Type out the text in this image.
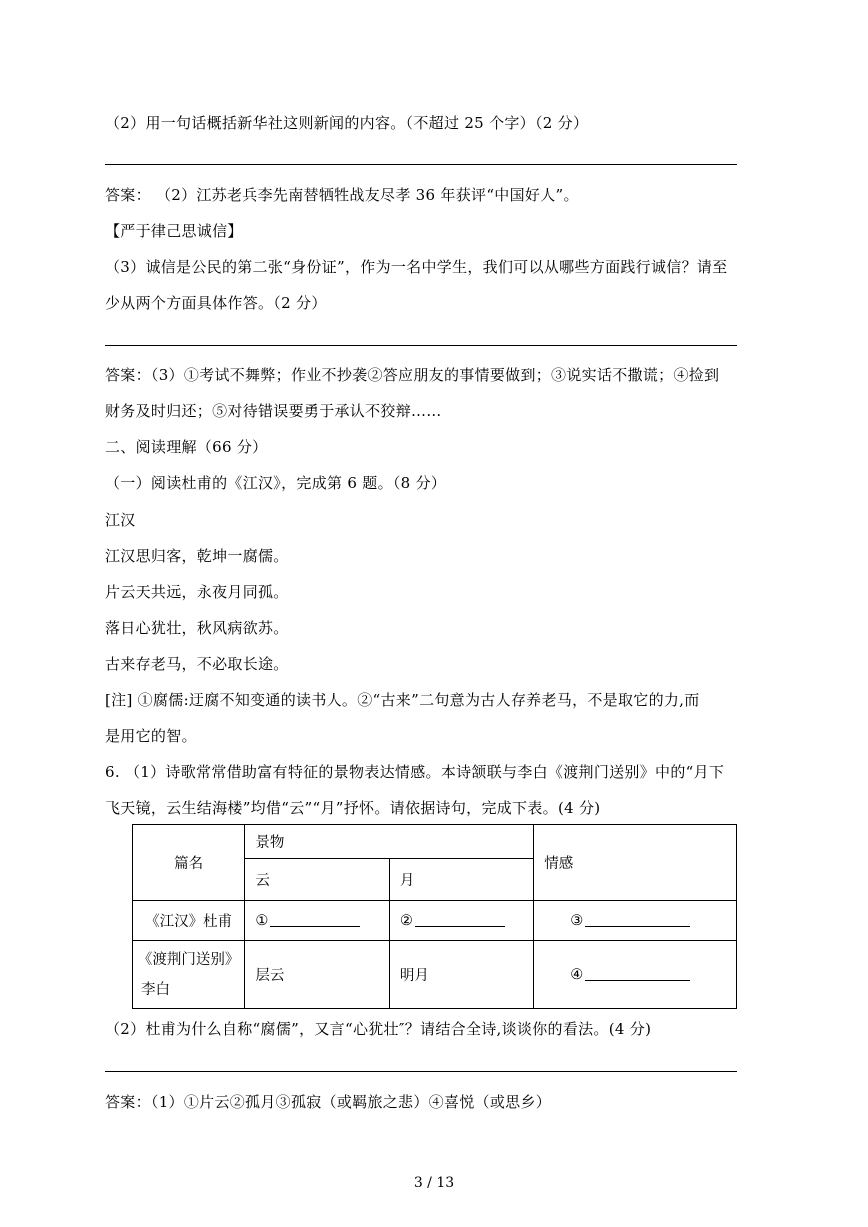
（2）用一句话概括新华社这则新闻的内容。（不超过 25 个字）（2 分）
答案： （2）江苏老兵李先南替牺牲战友尽孝 36 年获评“中国好人”。
【严于律己思诚信】
（3）诚信是公民的第二张“身份证”，作为一名中学生，我们可以从哪些方面践行诚信？请至
少从两个方面具体作答。（2 分）
答案：（3）①考试不舞弊；作业不抄袭②答应朋友的事情要做到；③说实话不撒谎；④捡到
财务及时归还；⑤对待错误要勇于承认不狡辩……
二、阅读理解（66 分）
（一）阅读杜甫的《江汉》，完成第 6 题。（8 分）
江汉
江汉思归客，乾坤一腐儒。
片云天共远，永夜月同孤。
落日心犹壮，秋风病欲苏。
古来存老马，不必取长途。
[注] ①腐儒:迂腐不知变通的读书人。②“古来”二句意为古人存养老马，不是取它的力,而
是用它的智。
6. （1）诗歌常常借助富有特征的景物表达情感。本诗颔联与李白《渡荆门送别》中的“月下
飞天镜，云生结海楼”均借“云”“月”抒怀。请依据诗句，完成下表。(4 分)
篇名	景物		情感
	云	月	
《江汉》杜甫	①	②	③

《渡荆门送别》
李白	层云	明月	④
（2）杜甫为什么自称“腐儒”，又言“心犹壮″？请结合全诗,谈谈你的看法。(4 分)
答案：（1）①片云②孤月③孤寂（或羁旅之悲）④喜悦（或思乡）
3 / 13
